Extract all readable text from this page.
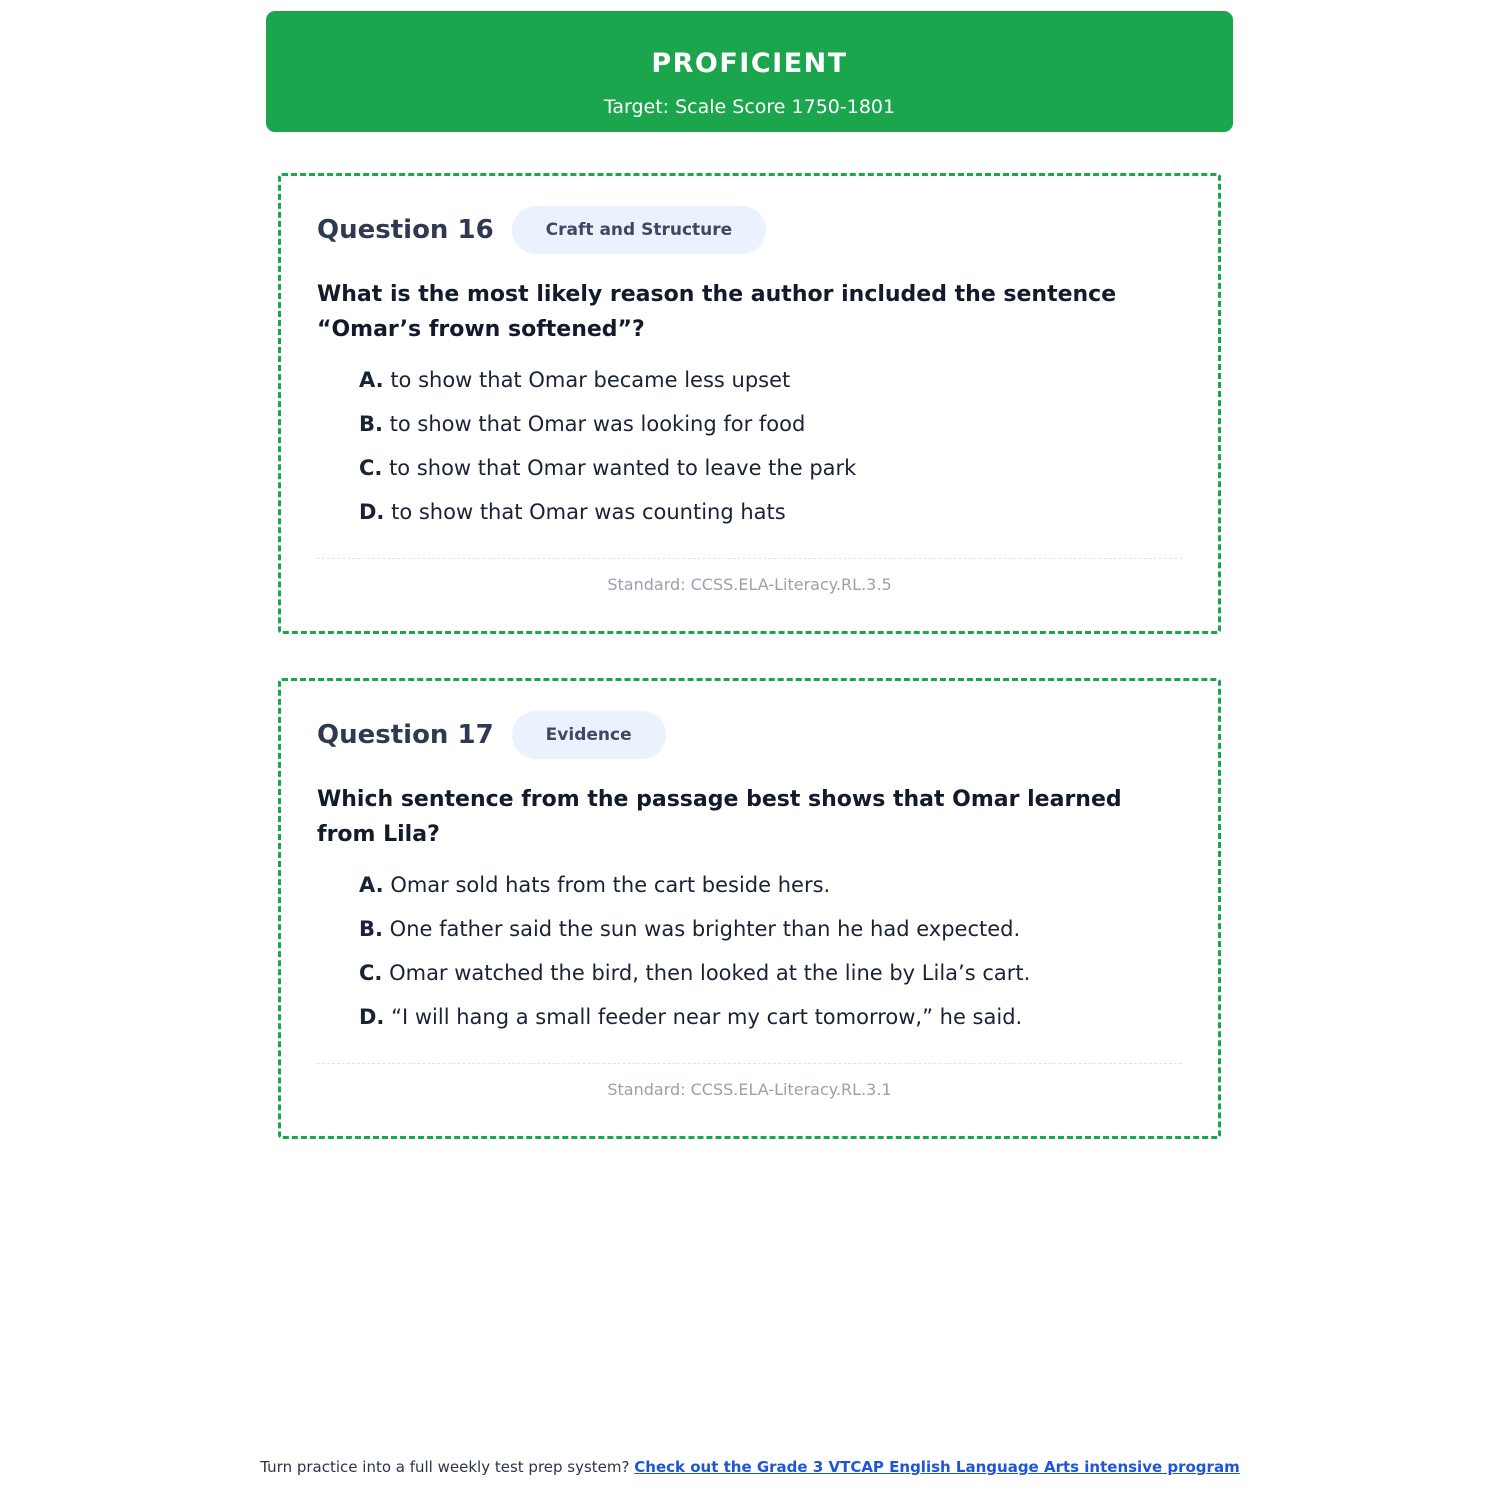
PROFICIENT
Target: Scale Score 1750-1801
Question 16	Craft and Structure
What is the most likely reason the author included the sentence “Omar’s frown softened”?
A. to show that Omar became less upset
B. to show that Omar was looking for food
C. to show that Omar wanted to leave the park
D. to show that Omar was counting hats
Standard: CCSS.ELA-Literacy.RL.3.5
Question 17	Evidence
Which sentence from the passage best shows that Omar learned from Lila?
A. Omar sold hats from the cart beside hers.
B. One father said the sun was brighter than he had expected.
C. Omar watched the bird, then looked at the line by Lila’s cart.
D. “I will hang a small feeder near my cart tomorrow,” he said.
Standard: CCSS.ELA-Literacy.RL.3.1
Turn practice into a full weekly test prep system? Check out the Grade 3 VTCAP English Language Arts intensive program
